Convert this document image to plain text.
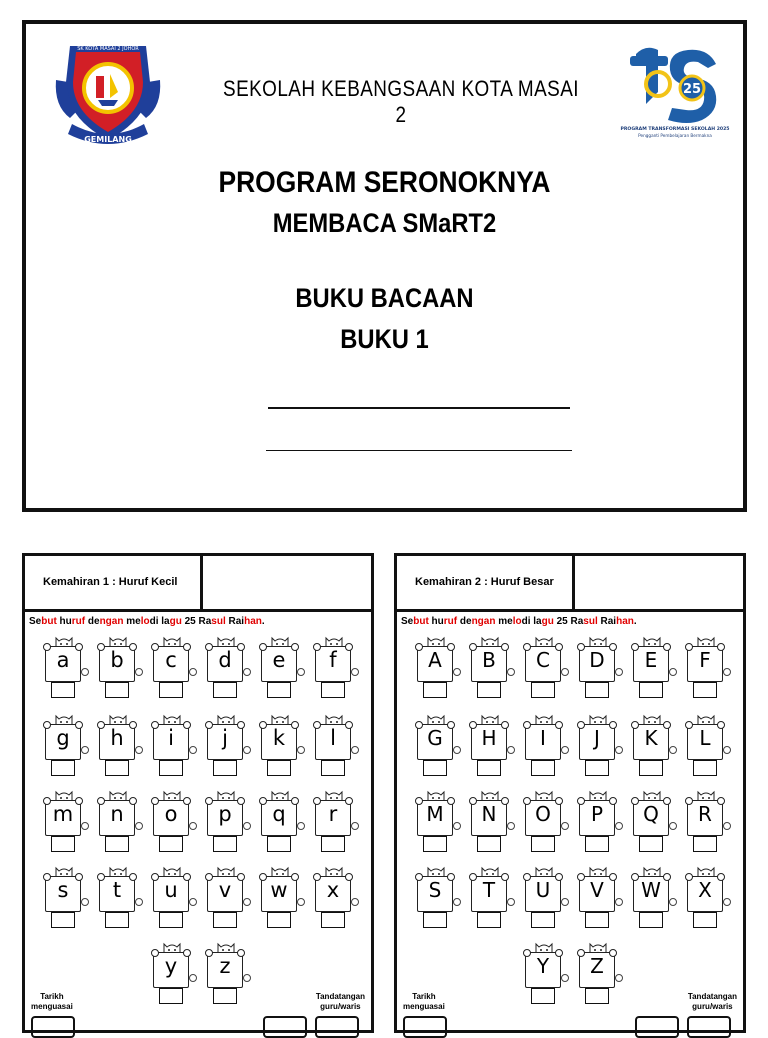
GEMILANG
SK KOTA MASAI 2 JOHOR
SEKOLAH KEBANGSAAN KOTA MASAI 2
25
PROGRAM TRANSFORMASI SEKOLAH 2025
Pengganti Pembelajaran Bermakna
PROGRAM SERONOKNYA
MEMBACA SMaRT2
BUKU BACAAN
BUKU 1
Kemahiran 1 : Huruf Kecil
Sebut huruf dengan melodi lagu 25 Rasul Raihan.
a	b	c	d	e	f
g	h	i	j	k	l
m	n	o	p	q	r
s	t	u	v	w	x
y	z
Tarikh
menguasai
Tandatangan
guru/waris
Kemahiran 2 : Huruf Besar
Sebut huruf dengan melodi lagu 25 Rasul Raihan.
A	B	C	D	E	F
G	H	I	J	K	L
M	N	O	P	Q	R
S	T	U	V	W	X
Y	Z
Tarikh
menguasai
Tandatangan
guru/waris
